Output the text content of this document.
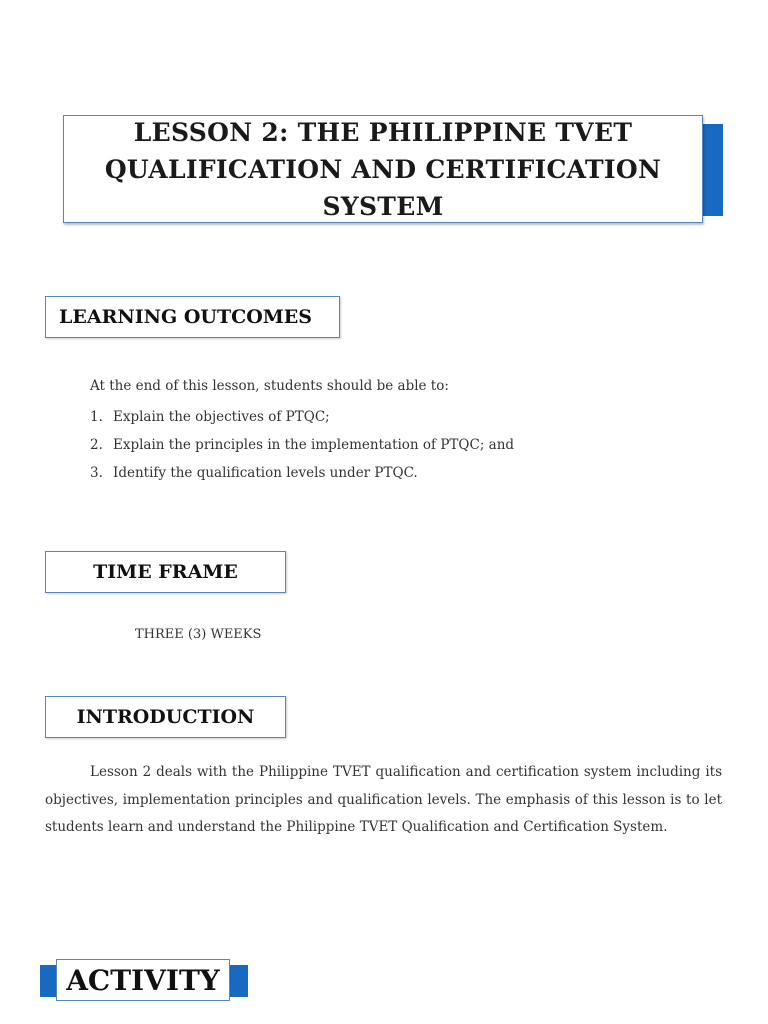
LESSON 2: THE PHILIPPINE TVET QUALIFICATION AND CERTIFICATION SYSTEM
LEARNING OUTCOMES

At the end of this lesson, students should be able to:

1. Explain the objectives of PTQC;
2. Explain the principles in the implementation of PTQC; and
3. Identify the qualification levels under PTQC.
TIME FRAME

THREE (3) WEEKS

INTRODUCTION

Lesson 2 deals with the Philippine TVET qualification and certification system including its objectives, implementation principles and qualification levels. The emphasis of this lesson is to let students learn and understand the Philippine TVET Qualification and Certification System.

ACTIVITY
